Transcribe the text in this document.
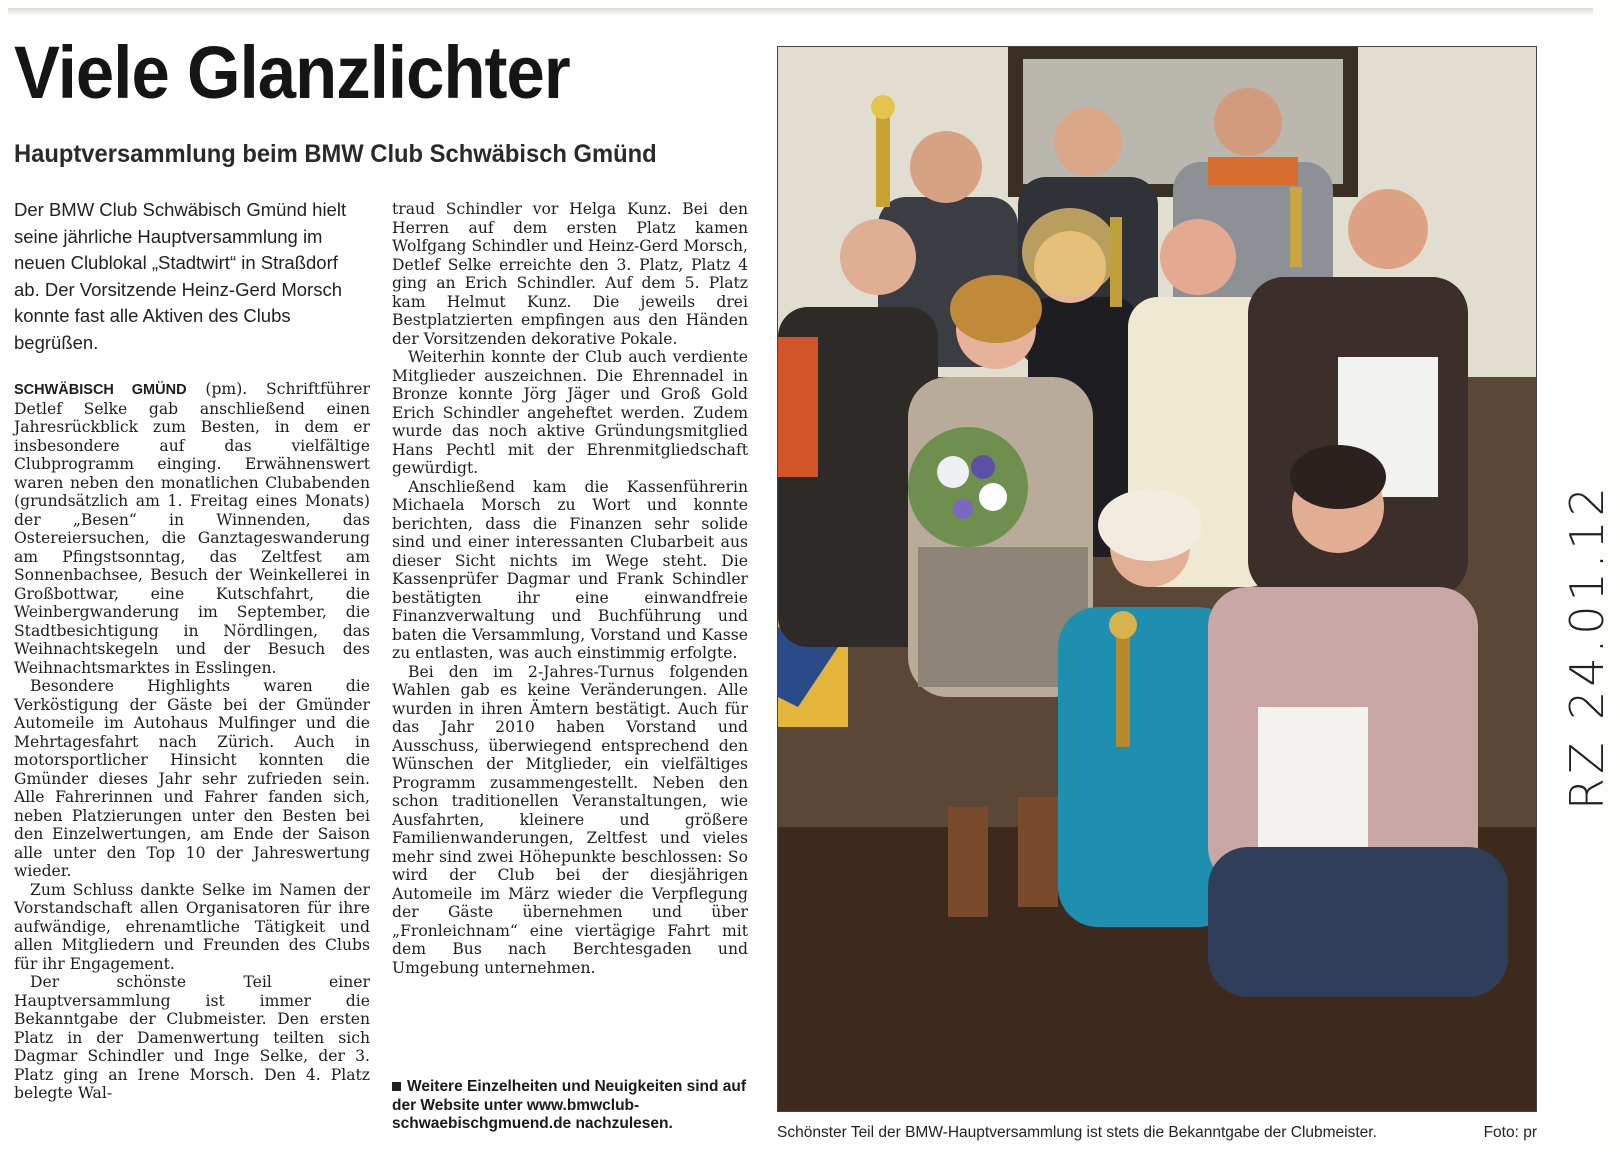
Viele Glanzlichter
Hauptversammlung beim BMW Club Schwäbisch Gmünd
Der BMW Club Schwäbisch Gmünd hielt seine jährliche Hauptversammlung im neuen Clublokal „Stadtwirt“ in Straßdorf ab. Der Vorsitzende Heinz-Gerd Morsch konnte fast alle Aktiven des Clubs begrüßen.

SCHWÄBISCH GMÜND (pm). Schriftführer Detlef Selke gab anschließend einen Jahresrückblick zum Besten, in dem er insbesondere auf das vielfältige Clubprogramm einging. Erwähnenswert waren neben den monatlichen Clubabenden (grundsätzlich am 1. Freitag eines Monats) der „Besen“ in Winnenden, das Ostereiersuchen, die Ganztageswanderung am Pfingstsonntag, das Zeltfest am Sonnenbachsee, Besuch der Weinkellerei in Großbottwar, eine Kutschfahrt, die Weinbergwanderung im September, die Stadtbesichtigung in Nördlingen, das Weihnachtskegeln und der Besuch des Weihnachtsmarktes in Esslingen.

Besondere Highlights waren die Verköstigung der Gäste bei der Gmünder Automeile im Autohaus Mulfinger und die Mehrtagesfahrt nach Zürich. Auch in motorsportlicher Hinsicht konnten die Gmünder dieses Jahr sehr zufrieden sein. Alle Fahrerinnen und Fahrer fanden sich, neben Platzierungen unter den Besten bei den Einzelwertungen, am Ende der Saison alle unter den Top 10 der Jahreswertung wieder.

Zum Schluss dankte Selke im Namen der Vorstandschaft allen Organisatoren für ihre aufwändige, ehrenamtliche Tätigkeit und allen Mitgliedern und Freunden des Clubs für ihr Engagement.

Der schönste Teil einer Hauptversammlung ist immer die Bekanntgabe der Clubmeister. Den ersten Platz in der Damenwertung teilten sich Dagmar Schindler und Inge Selke, der 3. Platz ging an Irene Morsch. Den 4. Platz belegte Wal-

traud Schindler vor Helga Kunz. Bei den Herren auf dem ersten Platz kamen Wolfgang Schindler und Heinz-Gerd Morsch, Detlef Selke erreichte den 3. Platz, Platz 4 ging an Erich Schindler. Auf dem 5. Platz kam Helmut Kunz. Die jeweils drei Bestplatzierten empfingen aus den Händen der Vorsitzenden dekorative Pokale.

Weiterhin konnte der Club auch verdiente Mitglieder auszeichnen. Die Ehrennadel in Bronze konnte Jörg Jäger und Groß Gold Erich Schindler angeheftet werden. Zudem wurde das noch aktive Gründungsmitglied Hans Pechtl mit der Ehrenmitgliedschaft gewürdigt.

Anschließend kam die Kassenführerin Michaela Morsch zu Wort und konnte berichten, dass die Finanzen sehr solide sind und einer interessanten Clubarbeit aus dieser Sicht nichts im Wege steht. Die Kassenprüfer Dagmar und Frank Schindler bestätigten ihr eine einwandfreie Finanzverwaltung und Buchführung und baten die Versammlung, Vorstand und Kasse zu entlasten, was auch einstimmig erfolgte.

Bei den im 2-Jahres-Turnus folgenden Wahlen gab es keine Veränderungen. Alle wurden in ihren Ämtern bestätigt. Auch für das Jahr 2010 haben Vorstand und Ausschuss, überwiegend entsprechend den Wünschen der Mitglieder, ein vielfältiges Programm zusammengestellt. Neben den schon traditionellen Veranstaltungen, wie Ausfahrten, kleinere und größere Familienwanderungen, Zeltfest und vieles mehr sind zwei Höhepunkte beschlossen: So wird der Club bei der diesjährigen Automeile im März wieder die Verpflegung der Gäste übernehmen und über „Fronleichnam“ eine viertägige Fahrt mit dem Bus nach Berchtesgaden und Umgebung unternehmen.

Weitere Einzelheiten und Neuigkeiten sind auf der Website unter www.bmwclub-schwaebischgmuend.de nachzulesen.
Schönster Teil der BMW-Hauptversammlung ist stets die Bekanntgabe der Clubmeister.	Foto: pr
RZ 24.01.12
